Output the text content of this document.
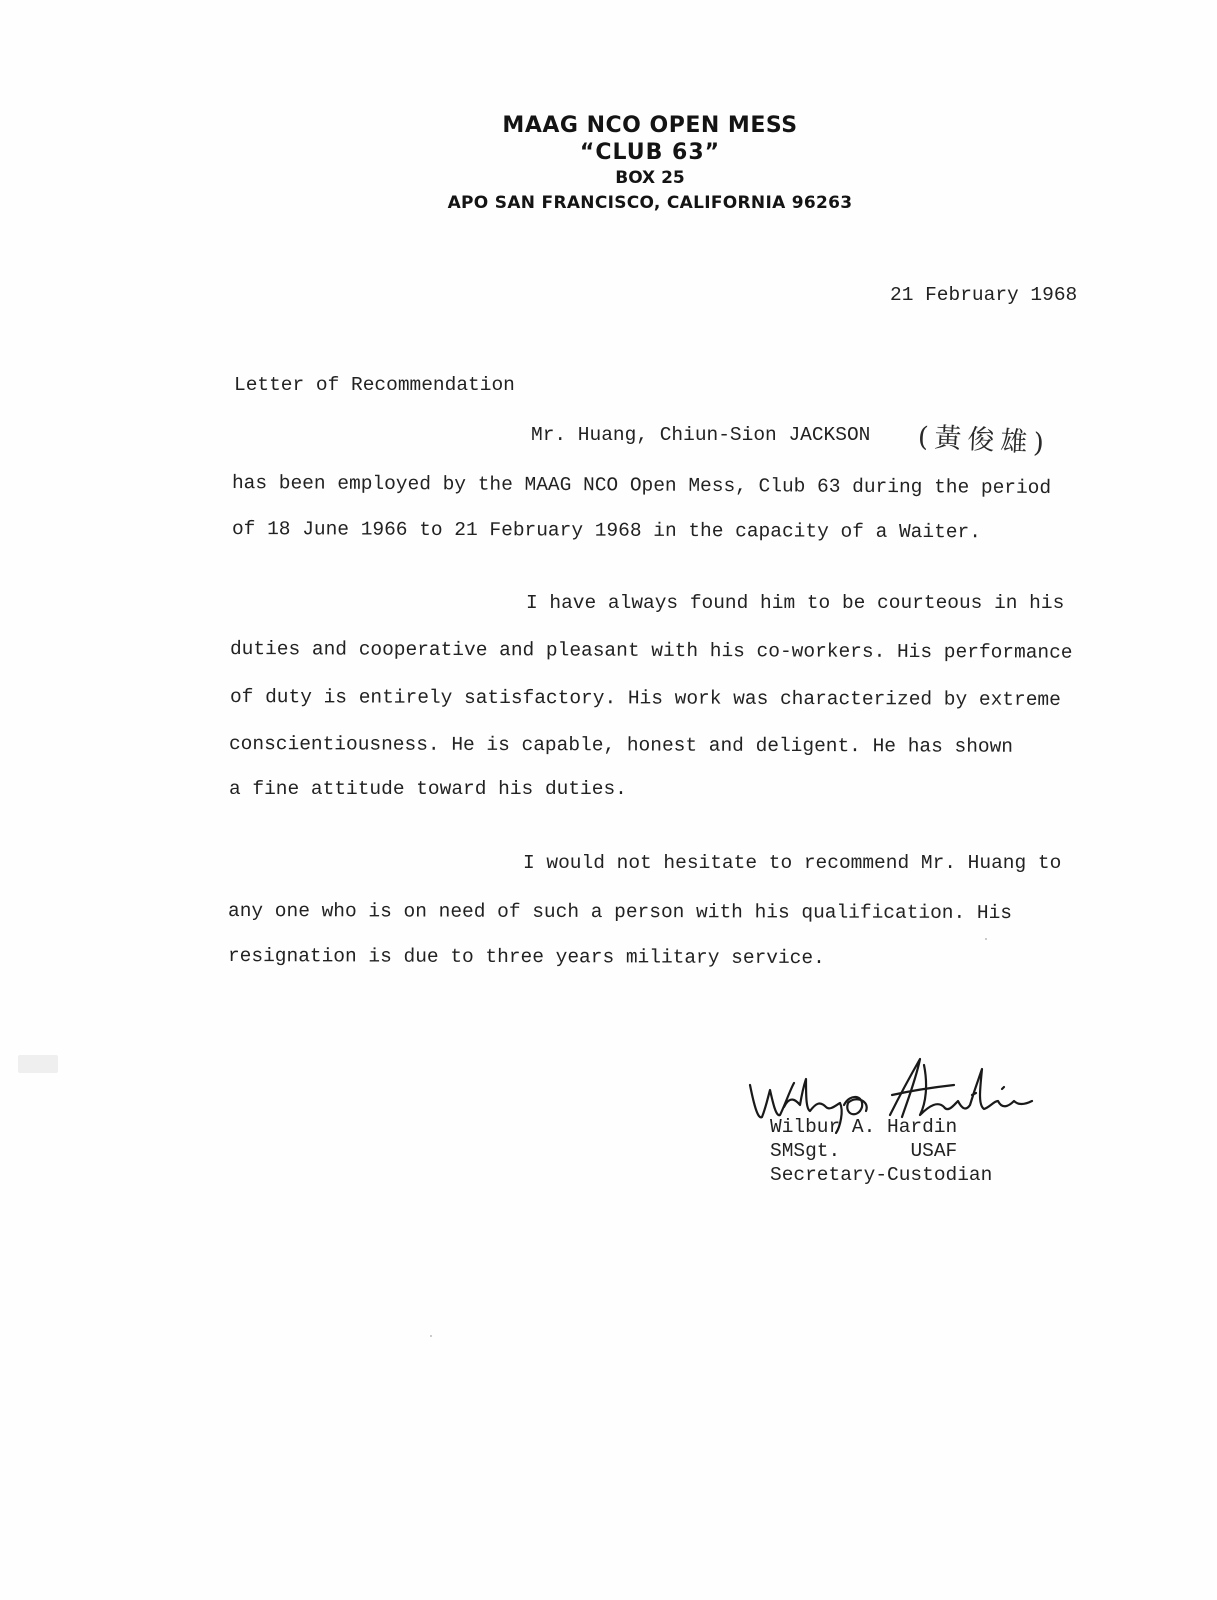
MAAG NCO OPEN MESS
“CLUB 63”
BOX 25
APO SAN FRANCISCO, CALIFORNIA 96263
21 February 1968
Letter of Recommendation
Mr. Huang, Chiun-Sion JACKSON (黃俊雄)
has been employed by the MAAG NCO Open Mess, Club 63 during the period
of 18 June 1966 to 21 February 1968 in the capacity of a Waiter.
I have always found him to be courteous in his
duties and cooperative and pleasant with his co-workers. His performance
of duty is entirely satisfactory. His work was characterized by extreme
conscientiousness. He is capable, honest and deligent. He has shown
a fine attitude toward his duties.
I would not hesitate to recommend Mr. Huang to
any one who is on need of such a person with his qualification. His
resignation is due to three years military service.
Wilbur A. Hardin
SMSgt.	USAF
Secretary-Custodian
